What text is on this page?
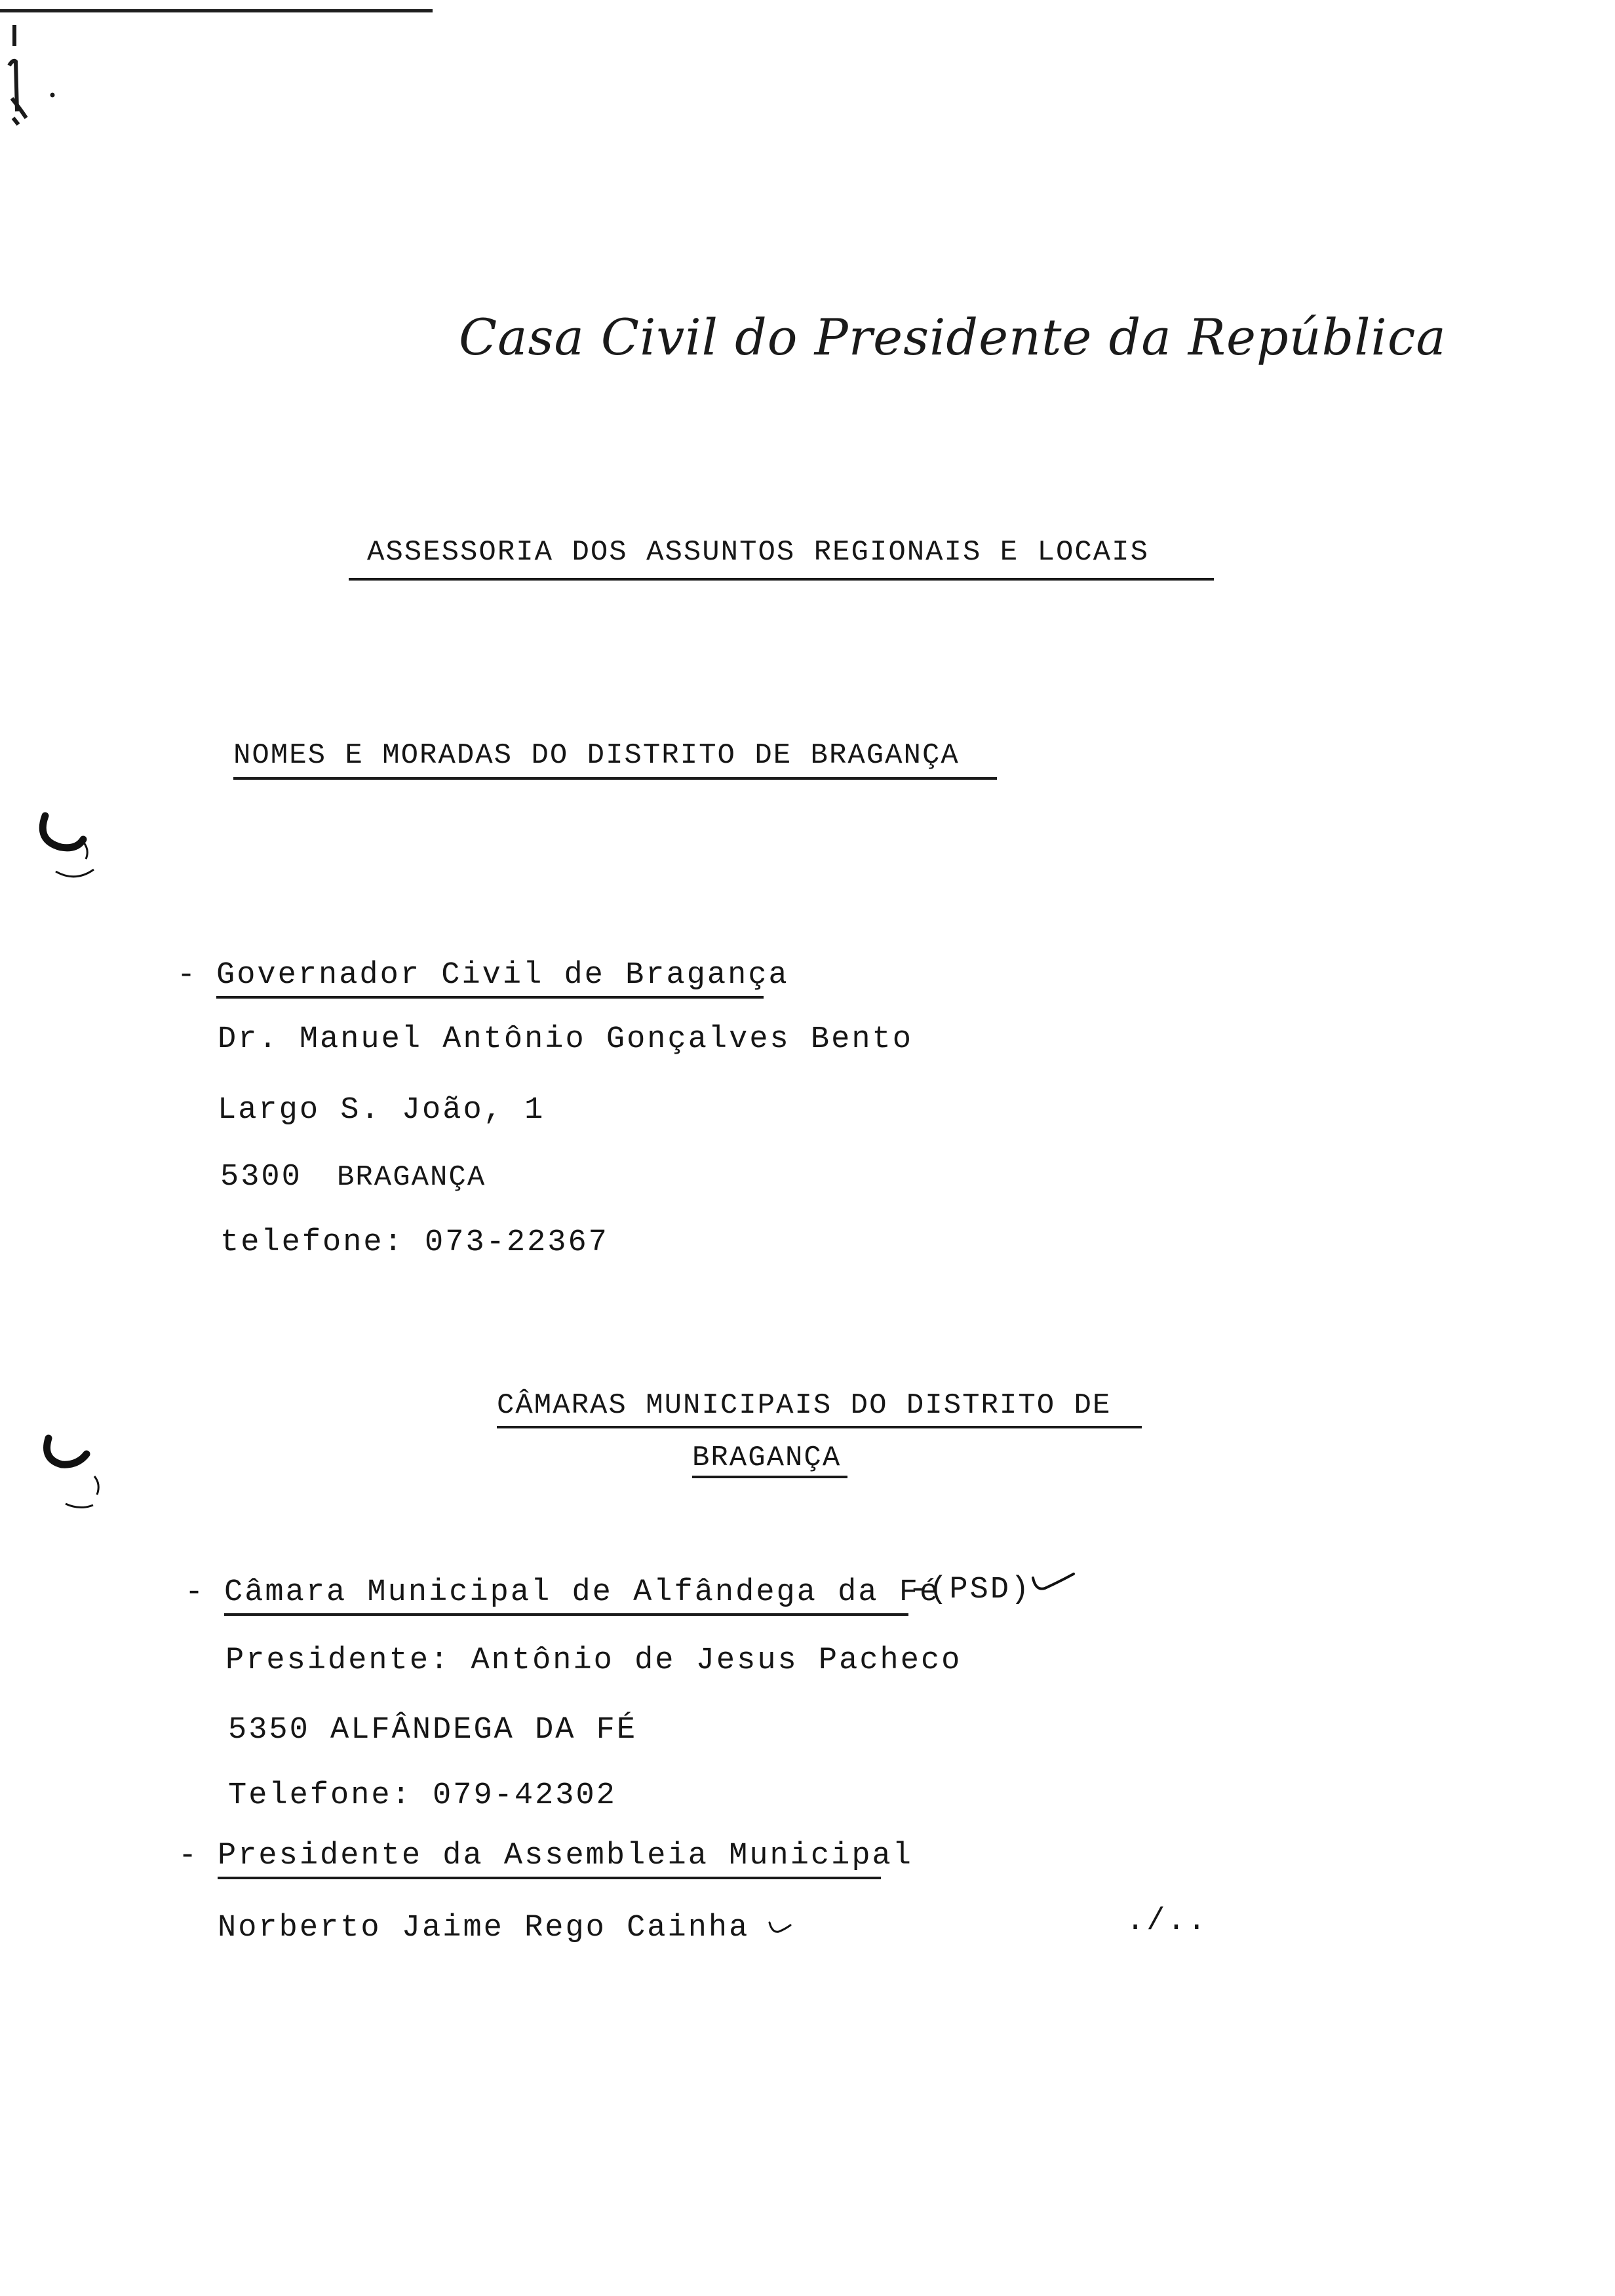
Casa Civil do Presidente da República
ASSESSORIA DOS ASSUNTOS REGIONAIS E LOCAIS
NOMES E MORADAS DO DISTRITO DE BRAGANÇA
- Governador Civil de Bragança
Dr. Manuel Antônio Gonçalves Bento
Largo S. João, 1
5300 BRAGANÇA
telefone: 073-22367
CÂMARAS MUNICIPAIS DO DISTRITO DE
BRAGANÇA
- Câmara Municipal de Alfândega da Fé
-(PSD)
Presidente: Antônio de Jesus Pacheco
5350 ALFÂNDEGA DA FÉ
Telefone: 079-42302
- Presidente da Assembleia Municipal
Norberto Jaime Rego Cainha	./..
